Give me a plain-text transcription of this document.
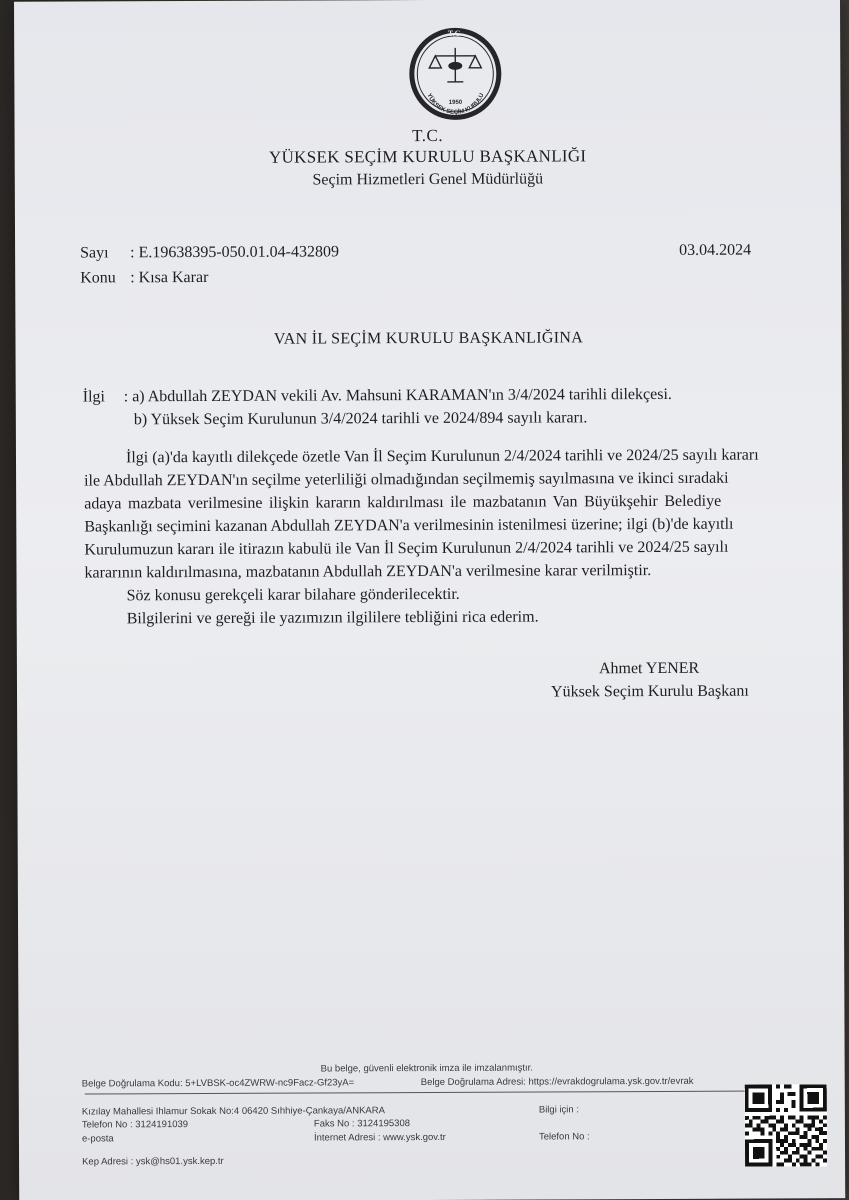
T.C.
YÜKSEK SEÇİM KURULU
1950
T.C.
YÜKSEK SEÇİM KURULU BAŞKANLIĞI
Seçim Hizmetleri Genel Müdürlüğü
Sayı : E.19638395-050.01.04-432809	03.04.2024
Konu : Kısa Karar
VAN İL SEÇİM KURULU BAŞKANLIĞINA
İlgi : a) Abdullah ZEYDAN vekili Av. Mahsuni KARAMAN'ın 3/4/2024 tarihli dilekçesi.
b) Yüksek Seçim Kurulunun 3/4/2024 tarihli ve 2024/894 sayılı kararı.
İlgi (a)'da kayıtlı dilekçede özetle Van İl Seçim Kurulunun 2/4/2024 tarihli ve 2024/25 sayılı kararı
ile Abdullah ZEYDAN'ın seçilme yeterliliği olmadığından seçilmemiş sayılmasına ve ikinci sıradaki
adaya mazbata verilmesine ilişkin kararın kaldırılması ile mazbatanın Van Büyükşehir Belediye
Başkanlığı seçimini kazanan Abdullah ZEYDAN'a verilmesinin istenilmesi üzerine; ilgi (b)'de kayıtlı
Kurulumuzun kararı ile itirazın kabulü ile Van İl Seçim Kurulunun 2/4/2024 tarihli ve 2024/25 sayılı
kararının kaldırılmasına, mazbatanın Abdullah ZEYDAN'a verilmesine karar verilmiştir.
Söz konusu gerekçeli karar bilahare gönderilecektir.
Bilgilerini ve gereği ile yazımızın ilgililere tebliğini rica ederim.
Ahmet YENER
Yüksek Seçim Kurulu Başkanı
Bu belge, güvenli elektronik imza ile imzalanmıştır.
Belge Doğrulama Kodu: 5+LVBSK-oc4ZWRW-nc9Facz-Gf23yA=	Belge Doğrulama Adresi: https://evrakdogrulama.ysk.gov.tr/evrak
Kızılay Mahallesi Ihlamur Sokak No:4 06420 Sıhhiye-Çankaya/ANKARA
Telefon No : 3124191039	Faks No : 3124195308
e-posta	İnternet Adresi : www.ysk.gov.tr
Kep Adresi : ysk@hs01.ysk.kep.tr
Bilgi için :
Telefon No :
